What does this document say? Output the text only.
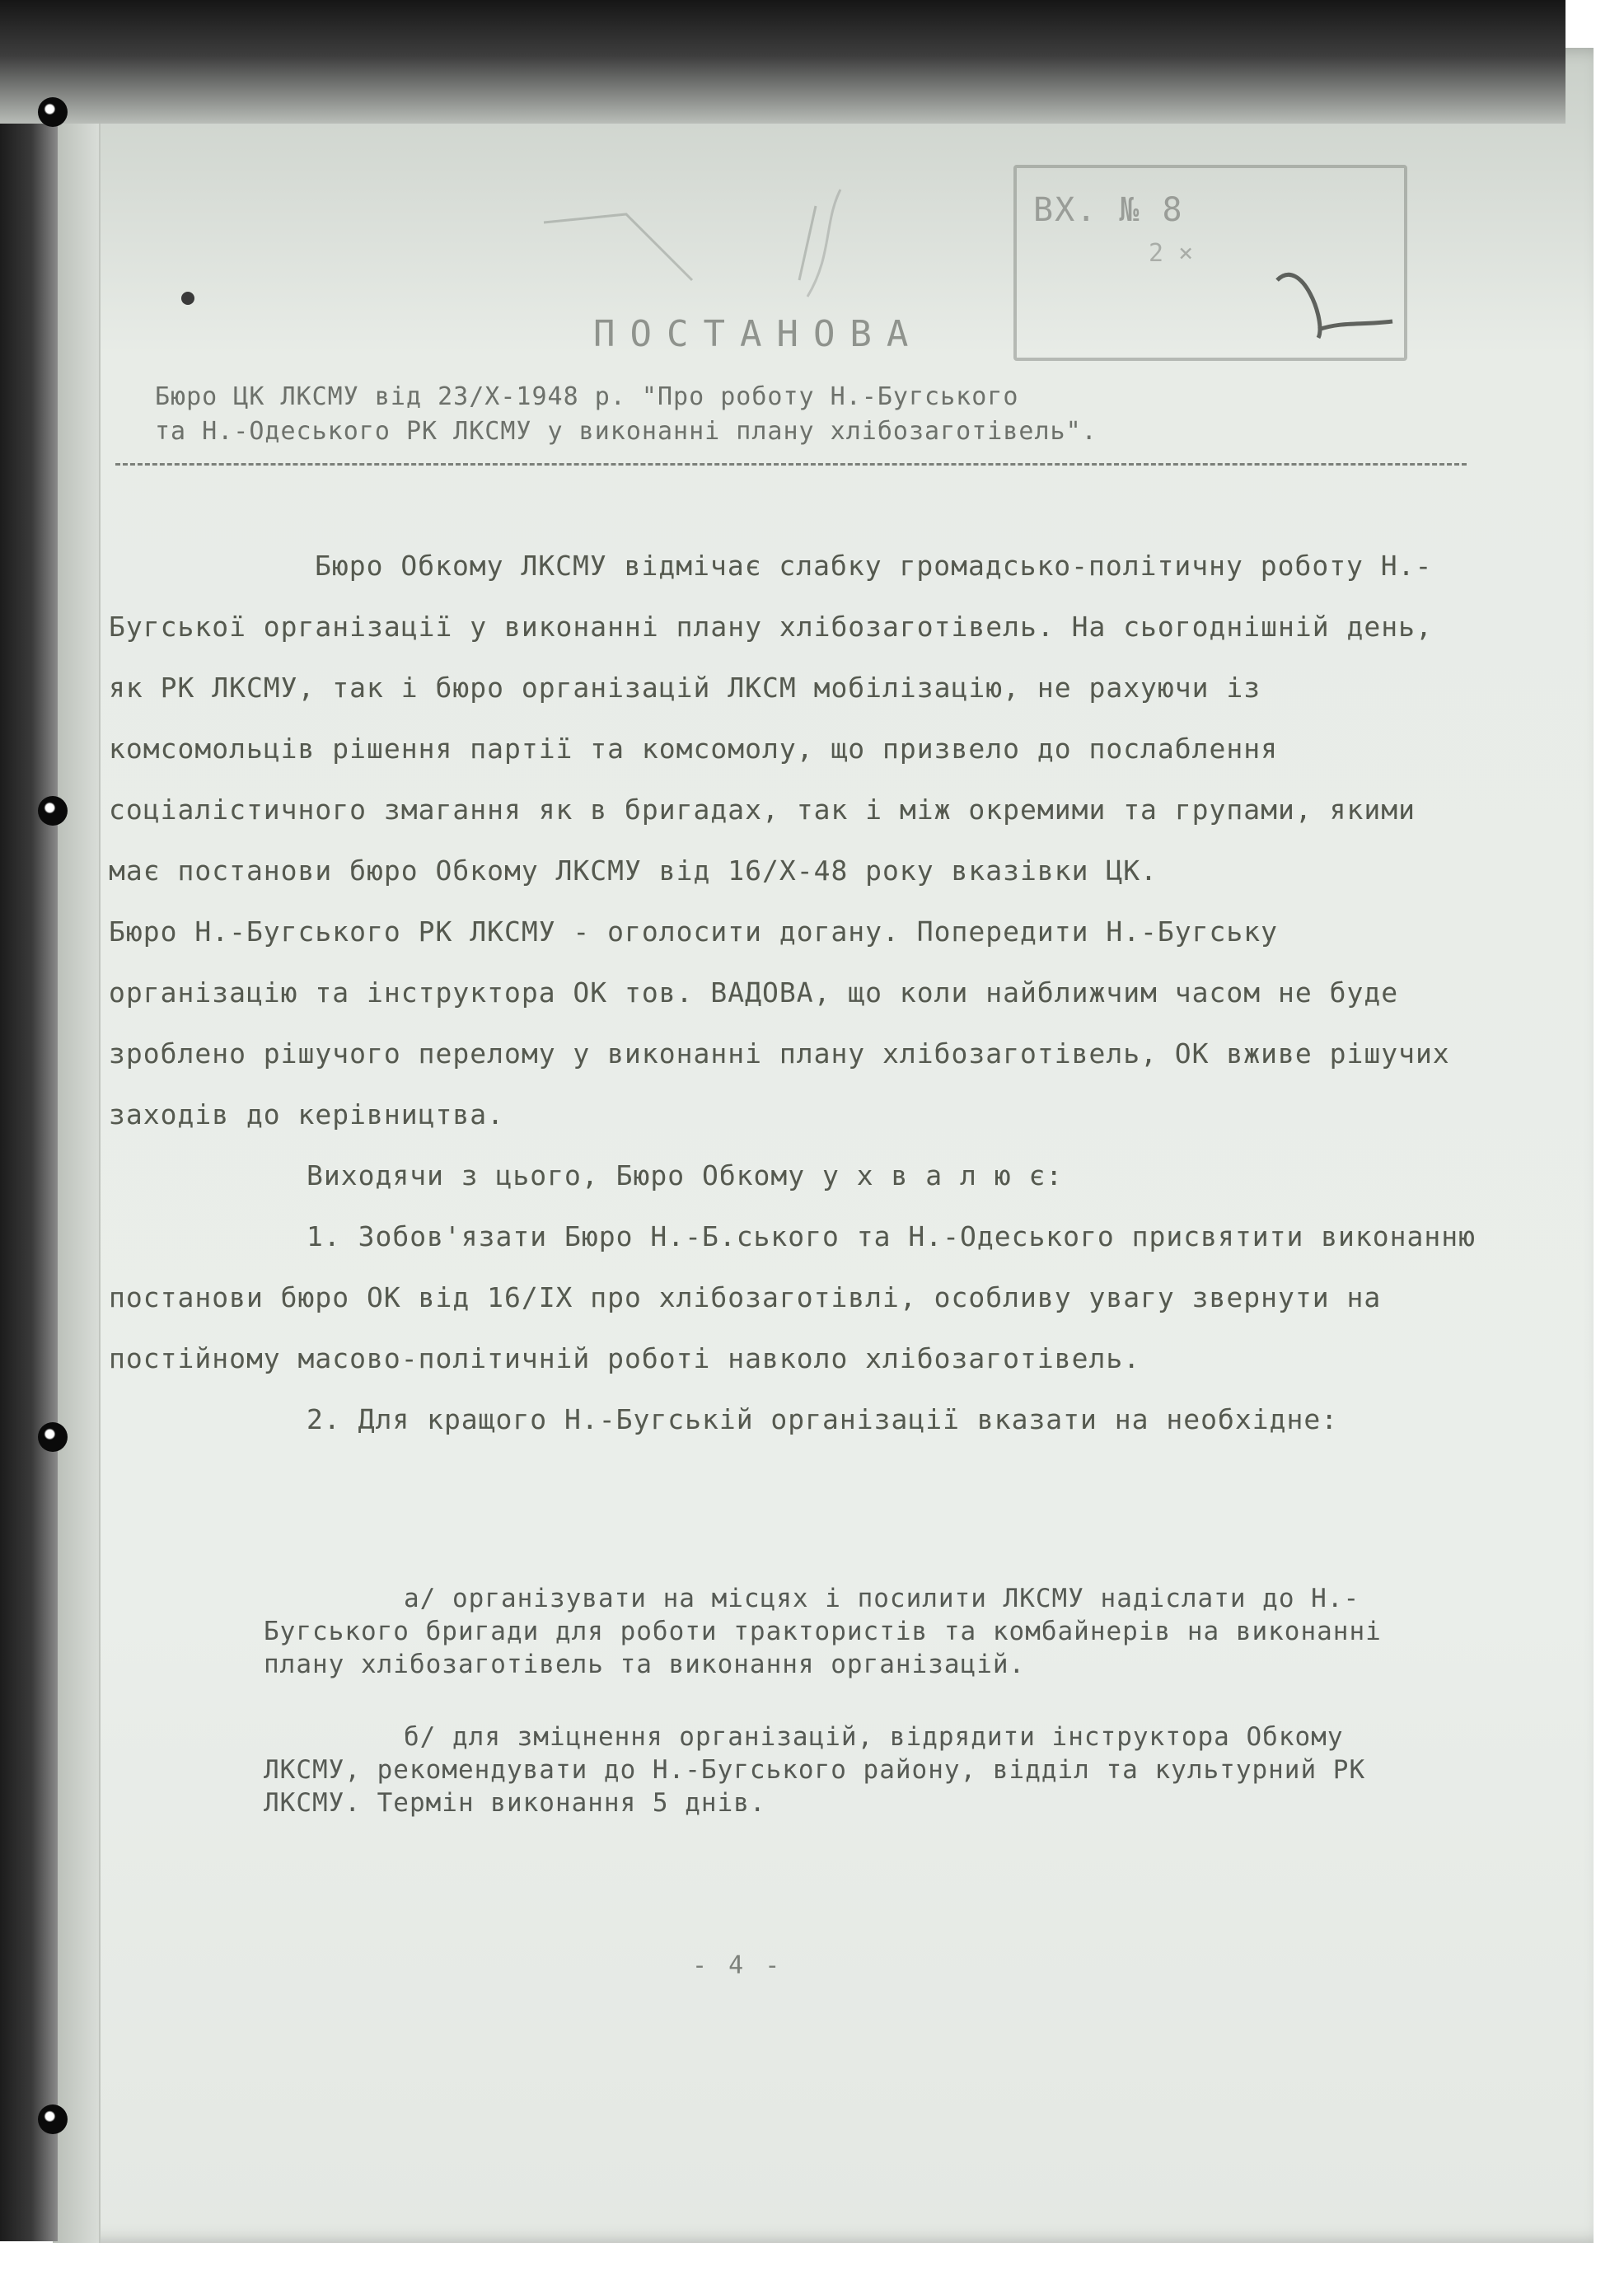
ВХ. № 8
2 ×
ПОСТАНОВА
Бюро ЦК ЛКСМУ від 23/Х-1948 р. "Про роботу Н.-Бугського
та Н.-Одеського РК ЛКСМУ у виконанні плану хлібозаготівель".

Бюро Обкому ЛКСМУ відмічає слабку громадсько-політичну роботу Н.-Бугської організації у виконанні плану хлібозаготівель. На сьогоднішній день, як РК ЛКСМУ, так і бюро організацій ЛКСМ мобілізацію, не рахуючи із комсомольців рішення партії та комсомолу, що призвело до послаблення соціалістичного змагання як в бригадах, так і між окремими та групами, якими має постанови бюро Обкому ЛКСМУ від 16/Х-48 року вказівки ЦК.

Бюро Н.-Бугського РК ЛКСМУ - оголосити догану. Попередити Н.-Бугську організацію та інструктора ОК тов. ВАДОВА, що коли найближчим часом не буде зроблено рішучого перелому у виконанні плану хлібозаготівель, ОК вживе рішучих заходів до керівництва.

Виходячи з цього, Бюро Обкому у х в а л ю є:

1. Зобов'язати Бюро Н.-Б.ського та Н.-Одеського присвятити виконанню постанови бюро ОК від 16/IX про хлібозаготівлі, особливу увагу звернути на постійному масово-політичній роботі навколо хлібозаготівель.

2. Для кращого Н.-Бугській організації вказати на необхідне:

а/ організувати на місцях і посилити ЛКСМУ надіслати до Н.-Бугського бригади для роботи трактористів та комбайнерів на виконанні плану хлібозаготівель та виконання організацій.

б/ для зміцнення організацій, відрядити інструктора Обкому ЛКСМУ, рекомендувати до Н.-Бугського району, відділ та культурний РК ЛКСМУ. Термін виконання 5 днів.

- 4 -
